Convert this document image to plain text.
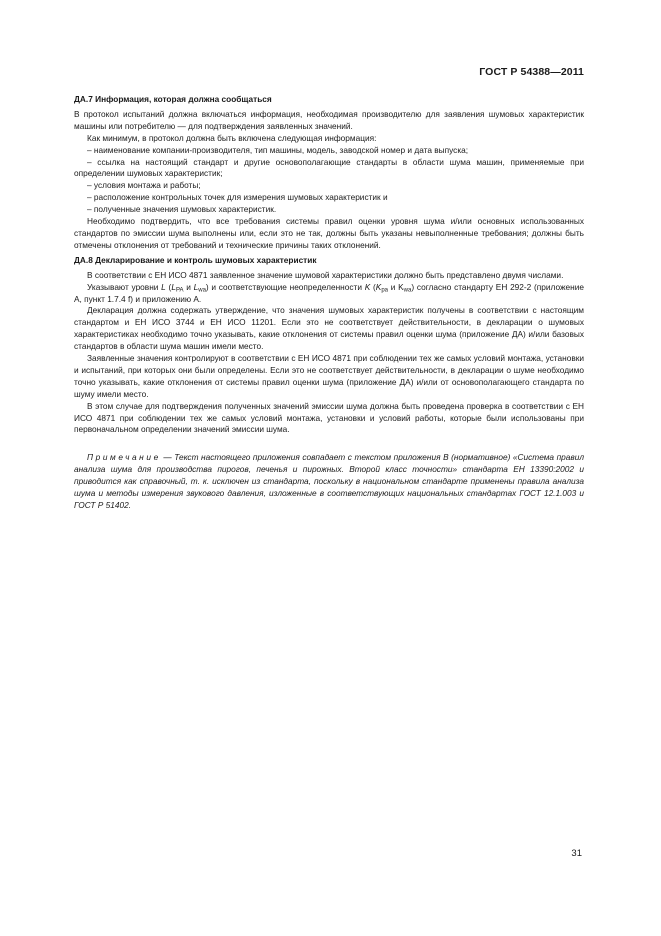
ГОСТ Р 54388—2011
ДА.7 Информация, которая должна сообщаться

В протокол испытаний должна включаться информация, необходимая производителю для заявления шумовых характеристик машины или потребителю — для подтверждения заявленных значений.

Как минимум, в протокол должна быть включена следующая информация:

– наименование компании-производителя, тип машины, модель, заводской номер и дата выпуска;

– ссылка на настоящий стандарт и другие основополагающие стандарты в области шума машин, применяемые при определении шумовых характеристик;

– условия монтажа и работы;

– расположение контрольных точек для измерения шумовых характеристик и

– полученные значения шумовых характеристик.

Необходимо подтвердить, что все требования системы правил оценки уровня шума и/или основных использованных стандартов по эмиссии шума выполнены или, если это не так, должны быть указаны невыполненные требования; должны быть отмечены отклонения от требований и технические причины таких отклонений.

ДА.8 Декларирование и контроль шумовых характеристик

В соответствии с ЕН ИСО 4871 заявленное значение шумовой характеристики должно быть представлено двумя числами.

Указывают уровни L ($L_{PA}$ и $L_{wa}$) и соответствующие неопределенности K ($K_{pa}$ и $K_{wa}$) согласно стандарту ЕН 292-2 (приложение А, пункт 1.7.4 f) и приложению А.

Декларация должна содержать утверждение, что значения шумовых характеристик получены в соответствии с настоящим стандартом и ЕН ИСО 3744 и ЕН ИСО 11201. Если это не соответствует действительности, в декларации о шумовых характеристиках необходимо точно указывать, какие отклонения от системы правил оценки шума (приложение ДА) и/или базовых стандартов в области шума машин имели место.

Заявленные значения контролируют в соответствии с ЕН ИСО 4871 при соблюдении тех же самых условий монтажа, установки и испытаний, при которых они были определены. Если это не соответствует действительности, в декларации о шуме необходимо точно указывать, какие отклонения от системы правил оценки шума (приложение ДА) и/или от основополагающего стандарта по шуму имели место.

В этом случае для подтверждения полученных значений эмиссии шума должна быть проведена проверка в соответствии с ЕН ИСО 4871 при соблюдении тех же самых условий монтажа, установки и условий работы, которые были использованы при первоначальном определении значений эмиссии шума.

Примечание — Текст настоящего приложения совпадает с текстом приложения В (нормативное) «Система правил анализа шума для производства пирогов, печенья и пирожных. Второй класс точности» стандарта ЕН 13390:2002 и приводится как справочный, т. к. исключен из стандарта, поскольку в национальном стандарте применены правила анализа шума и методы измерения звукового давления, изложенные в соответствующих национальных стандартах ГОСТ 12.1.003 и ГОСТ Р 51402.

31
